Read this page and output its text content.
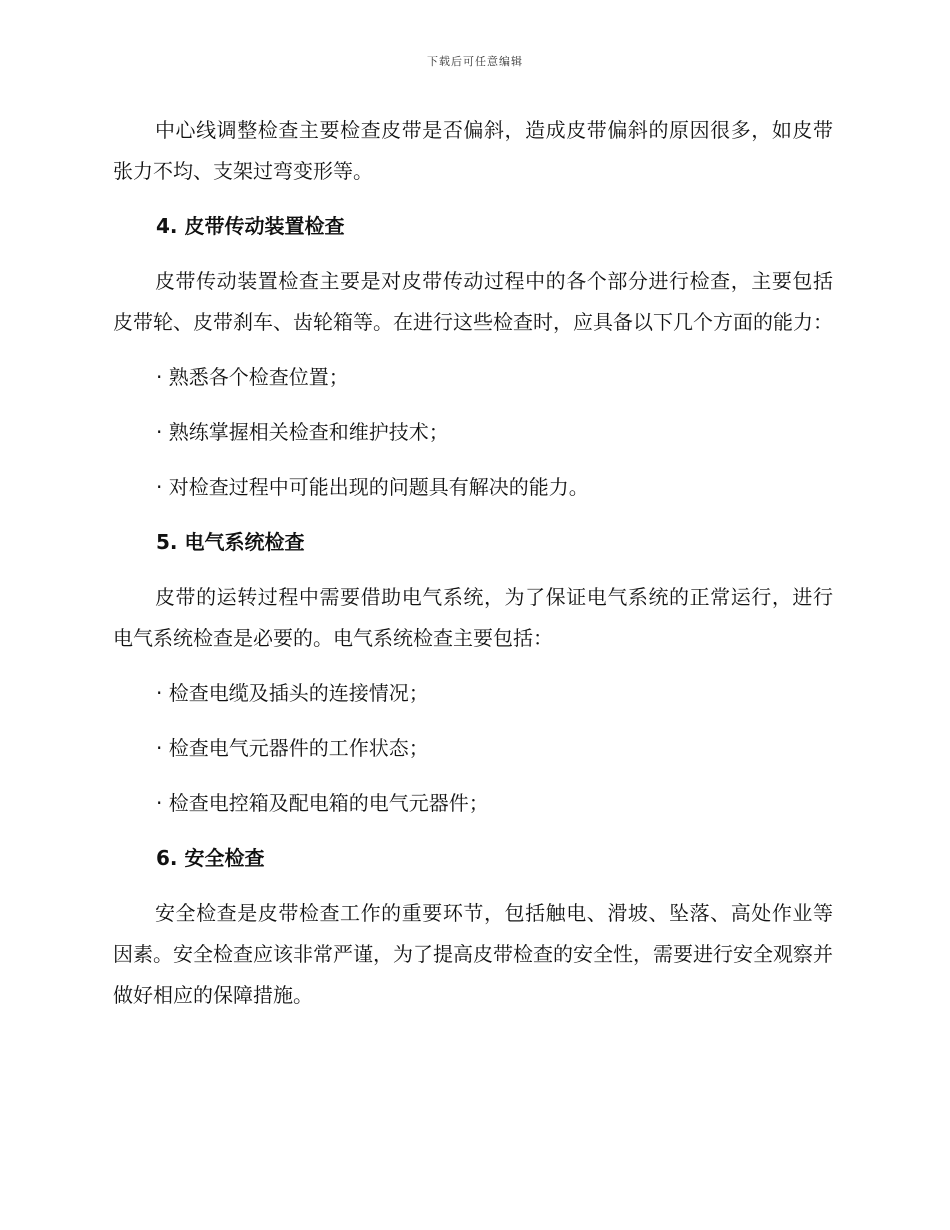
下载后可任意编辑

中心线调整检查主要检查皮带是否偏斜，造成皮带偏斜的原因很多，如皮带张力不均、支架过弯变形等。

4. 皮带传动装置检查

皮带传动装置检查主要是对皮带传动过程中的各个部分进行检查，主要包括皮带轮、皮带刹车、齿轮箱等。在进行这些检查时，应具备以下几个方面的能力：

· 熟悉各个检查位置；
· 熟练掌握相关检查和维护技术；
· 对检查过程中可能出现的问题具有解决的能力。
5. 电气系统检查

皮带的运转过程中需要借助电气系统，为了保证电气系统的正常运行，进行电气系统检查是必要的。电气系统检查主要包括：

· 检查电缆及插头的连接情况；
· 检查电气元器件的工作状态；
· 检查电控箱及配电箱的电气元器件；
6. 安全检查

安全检查是皮带检查工作的重要环节，包括触电、滑坡、坠落、高处作业等因素。安全检查应该非常严谨，为了提高皮带检查的安全性，需要进行安全观察并做好相应的保障措施。
